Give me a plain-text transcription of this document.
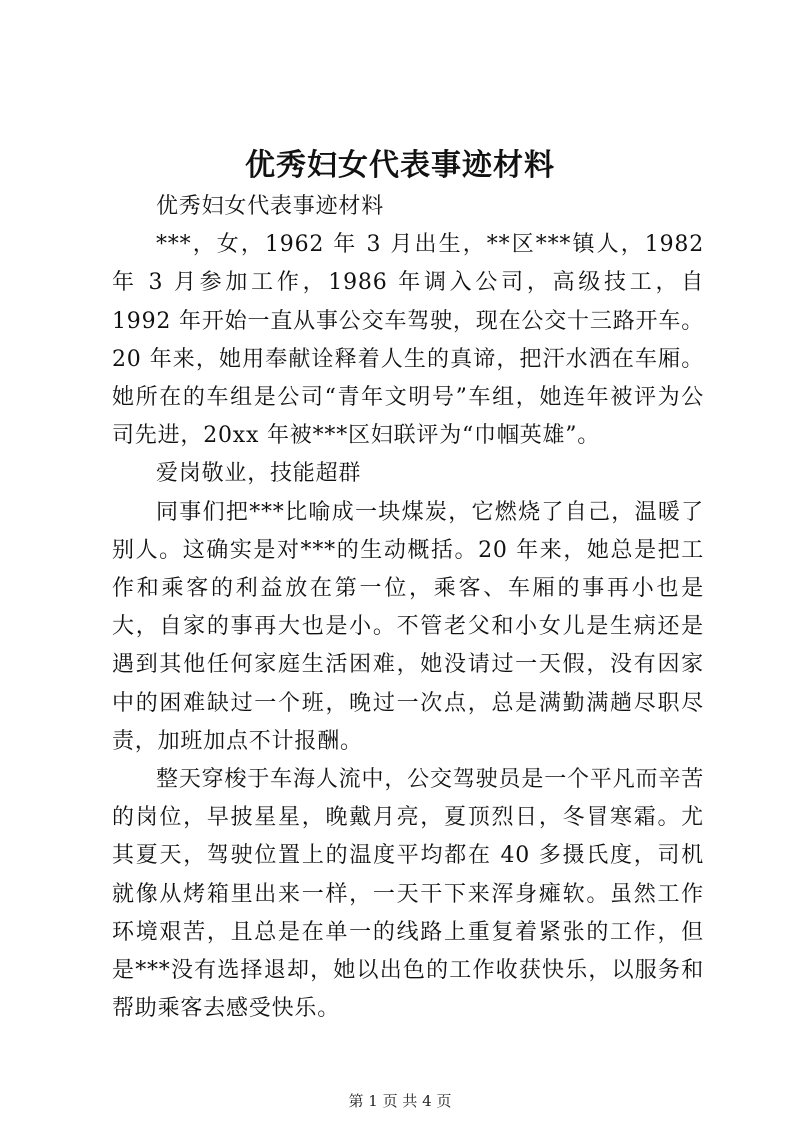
优秀妇女代表事迹材料

优秀妇女代表事迹材料

***，女，1962 年 3 月出生，**区***镇人，1982 年 3 月参加工作，1986 年调入公司，高级技工，自 1992 年开始一直从事公交车驾驶，现在公交十三路开车。20 年来，她用奉献诠释着人生的真谛，把汗水洒在车厢。她所在的车组是公司“青年文明号”车组，她连年被评为公司先进，20xx 年被***区妇联评为“巾帼英雄”。

爱岗敬业，技能超群

同事们把***比喻成一块煤炭，它燃烧了自己，温暖了别人。这确实是对***的生动概括。20 年来，她总是把工作和乘客的利益放在第一位，乘客、车厢的事再小也是大，自家的事再大也是小。不管老父和小女儿是生病还是遇到其他任何家庭生活困难，她没请过一天假，没有因家中的困难缺过一个班，晚过一次点，总是满勤满趟尽职尽责，加班加点不计报酬。

整天穿梭于车海人流中，公交驾驶员是一个平凡而辛苦的岗位，早披星星，晚戴月亮，夏顶烈日，冬冒寒霜。尤其夏天，驾驶位置上的温度平均都在 40 多摄氏度，司机就像从烤箱里出来一样，一天干下来浑身瘫软。虽然工作环境艰苦，且总是在单一的线路上重复着紧张的工作，但是***没有选择退却，她以出色的工作收获快乐，以服务和帮助乘客去感受快乐。

第 1 页 共 4 页
